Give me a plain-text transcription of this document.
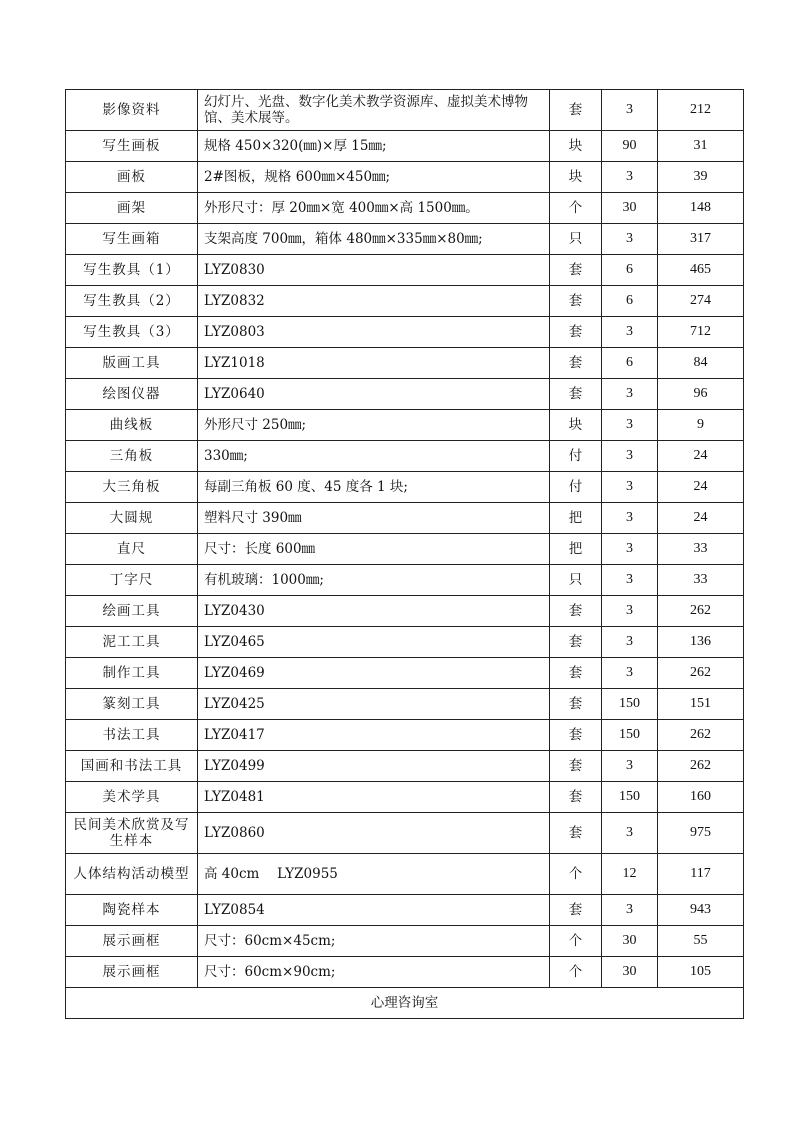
影像资料	幻灯片、光盘、数字化美术教学资源库、虚拟美术博物馆、美术展等。	套	3	212
写生画板	规格 450×320(㎜)×厚 15㎜;	块	90	31
画板	2#图板，规格 600㎜×450㎜;	块	3	39
画架	外形尺寸：厚 20㎜×宽 400㎜×高 1500㎜。	个	30	148
写生画箱	支架高度 700㎜，箱体 480㎜×335㎜×80㎜;	只	3	317
写生教具（1）	LYZ0830	套	6	465
写生教具（2）	LYZ0832	套	6	274
写生教具（3）	LYZ0803	套	3	712
版画工具	LYZ1018	套	6	84
绘图仪器	LYZ0640	套	3	96
曲线板	外形尺寸 250㎜;	块	3	9
三角板	330㎜;	付	3	24
大三角板	每副三角板 60 度、45 度各 1 块;	付	3	24
大圆规	塑料尺寸 390㎜	把	3	24
直尺	尺寸：长度 600㎜	把	3	33
丁字尺	有机玻璃：1000㎜;	只	3	33
绘画工具	LYZ0430	套	3	262
泥工工具	LYZ0465	套	3	136
制作工具	LYZ0469	套	3	262
篆刻工具	LYZ0425	套	150	151
书法工具	LYZ0417	套	150	262
国画和书法工具	LYZ0499	套	3	262
美术学具	LYZ0481	套	150	160
民间美术欣赏及写生样本	LYZ0860	套	3	975
人体结构活动模型	高 40cm　 LYZ0955	个	12	117
陶瓷样本	LYZ0854	套	3	943
展示画框	尺寸：60cm×45cm;	个	30	55
展示画框	尺寸：60cm×90cm;	个	30	105
心理咨询室				
